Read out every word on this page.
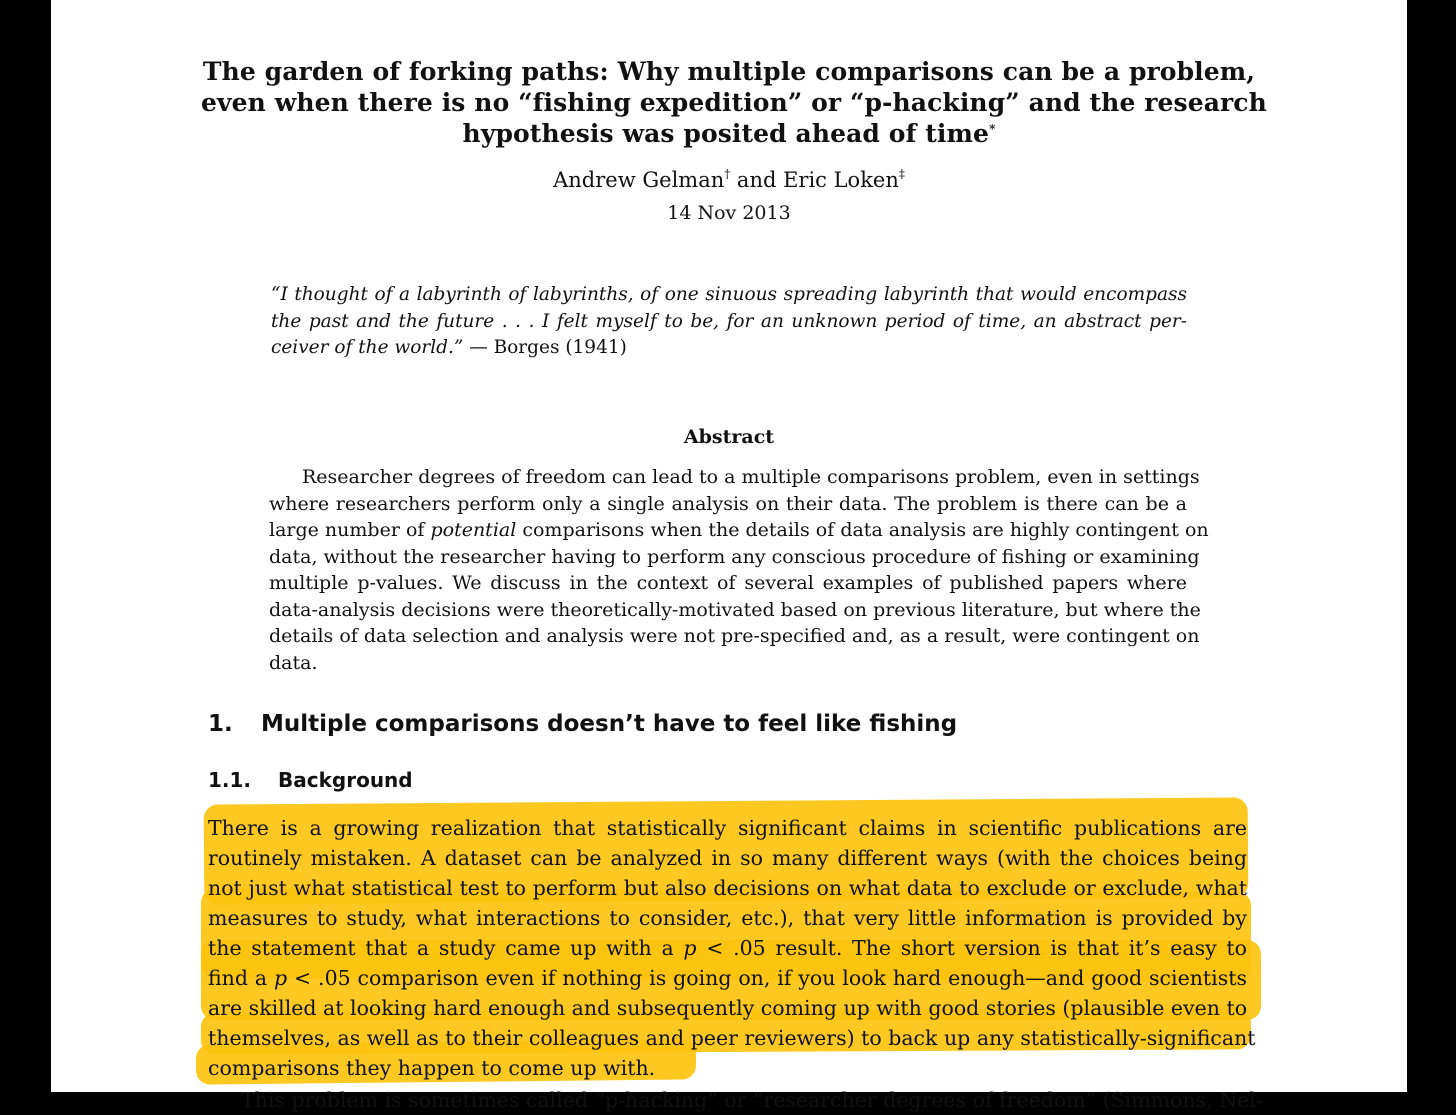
The garden of forking paths: Why multiple comparisons can be a problem,
even when there is no “fishing expedition” or “p-hacking” and the research
hypothesis was posited ahead of time*
Andrew Gelman† and Eric Loken‡
14 Nov 2013
“I thought of a labyrinth of labyrinths, of one sinuous spreading labyrinth that would encompass
the past and the future . . . I felt myself to be, for an unknown period of time, an abstract per-
ceiver of the world.” — Borges (1941)
Abstract
Researcher degrees of freedom can lead to a multiple comparisons problem, even in settings
where researchers perform only a single analysis on their data. The problem is there can be a
large number of potential comparisons when the details of data analysis are highly contingent on
data, without the researcher having to perform any conscious procedure of fishing or examining
multiple p-values. We discuss in the context of several examples of published papers where
data-analysis decisions were theoretically-motivated based on previous literature, but where the
details of data selection and analysis were not pre-specified and, as a result, were contingent on
data.
1. Multiple comparisons doesn’t have to feel like fishing
1.1. Background
There is a growing realization that statistically significant claims in scientific publications are
routinely mistaken. A dataset can be analyzed in so many different ways (with the choices being
not just what statistical test to perform but also decisions on what data to exclude or exclude, what
measures to study, what interactions to consider, etc.), that very little information is provided by
the statement that a study came up with a p < .05 result. The short version is that it’s easy to
find a p < .05 comparison even if nothing is going on, if you look hard enough—and good scientists
are skilled at looking hard enough and subsequently coming up with good stories (plausible even to
themselves, as well as to their colleagues and peer reviewers) to back up any statistically-significant
comparisons they happen to come up with.
This problem is sometimes called “p-hacking” or “researcher degrees of freedom” (Simmons, Nel-
